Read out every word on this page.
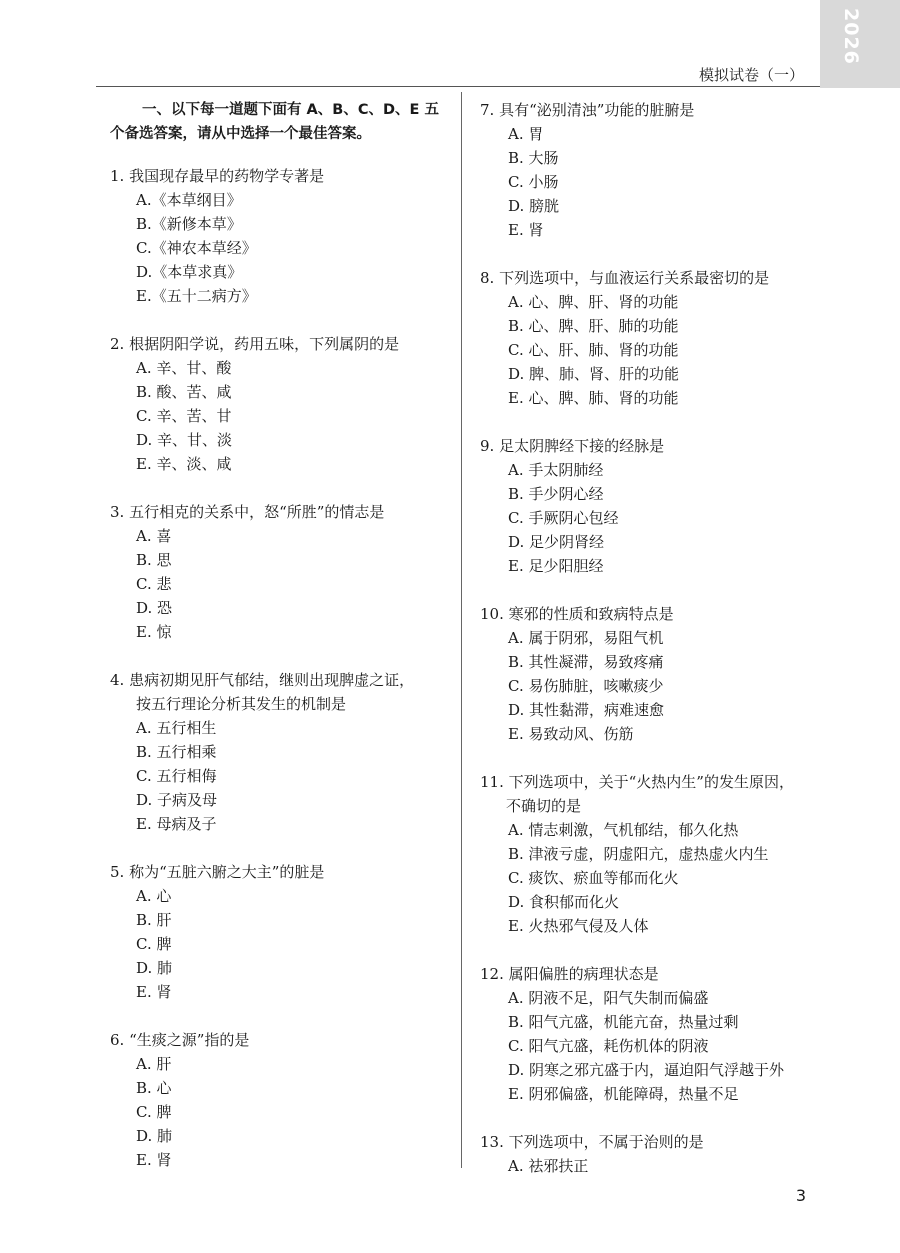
2026
模拟试卷（一）
一、以下每一道题下面有 A、B、C、D、E 五个备选答案，请从中选择一个最佳答案。
1. 我国现存最早的药物学专著是
A.《本草纲目》
B.《新修本草》
C.《神农本草经》
D.《本草求真》
E.《五十二病方》
2. 根据阴阳学说，药用五味，下列属阴的是
A. 辛、甘、酸
B. 酸、苦、咸
C. 辛、苦、甘
D. 辛、甘、淡
E. 辛、淡、咸
3. 五行相克的关系中，怒“所胜”的情志是
A. 喜
B. 思
C. 悲
D. 恐
E. 惊
4. 患病初期见肝气郁结，继则出现脾虚之证，
按五行理论分析其发生的机制是
A. 五行相生
B. 五行相乘
C. 五行相侮
D. 子病及母
E. 母病及子
5. 称为“五脏六腑之大主”的脏是
A. 心
B. 肝
C. 脾
D. 肺
E. 肾
6. “生痰之源”指的是
A. 肝
B. 心
C. 脾
D. 肺
E. 肾
7. 具有“泌别清浊”功能的脏腑是
A. 胃
B. 大肠
C. 小肠
D. 膀胱
E. 肾
8. 下列选项中，与血液运行关系最密切的是
A. 心、脾、肝、肾的功能
B. 心、脾、肝、肺的功能
C. 心、肝、肺、肾的功能
D. 脾、肺、肾、肝的功能
E. 心、脾、肺、肾的功能
9. 足太阴脾经下接的经脉是
A. 手太阴肺经
B. 手少阴心经
C. 手厥阴心包经
D. 足少阴肾经
E. 足少阳胆经
10. 寒邪的性质和致病特点是
A. 属于阴邪，易阻气机
B. 其性凝滞，易致疼痛
C. 易伤肺脏，咳嗽痰少
D. 其性黏滞，病难速愈
E. 易致动风、伤筋
11. 下列选项中，关于“火热内生”的发生原因，
不确切的是
A. 情志刺激，气机郁结，郁久化热
B. 津液亏虚，阴虚阳亢，虚热虚火内生
C. 痰饮、瘀血等郁而化火
D. 食积郁而化火
E. 火热邪气侵及人体
12. 属阳偏胜的病理状态是
A. 阴液不足，阳气失制而偏盛
B. 阳气亢盛，机能亢奋，热量过剩
C. 阳气亢盛，耗伤机体的阴液
D. 阴寒之邪亢盛于内，逼迫阳气浮越于外
E. 阴邪偏盛，机能障碍，热量不足
13. 下列选项中，不属于治则的是
A. 祛邪扶正
3
